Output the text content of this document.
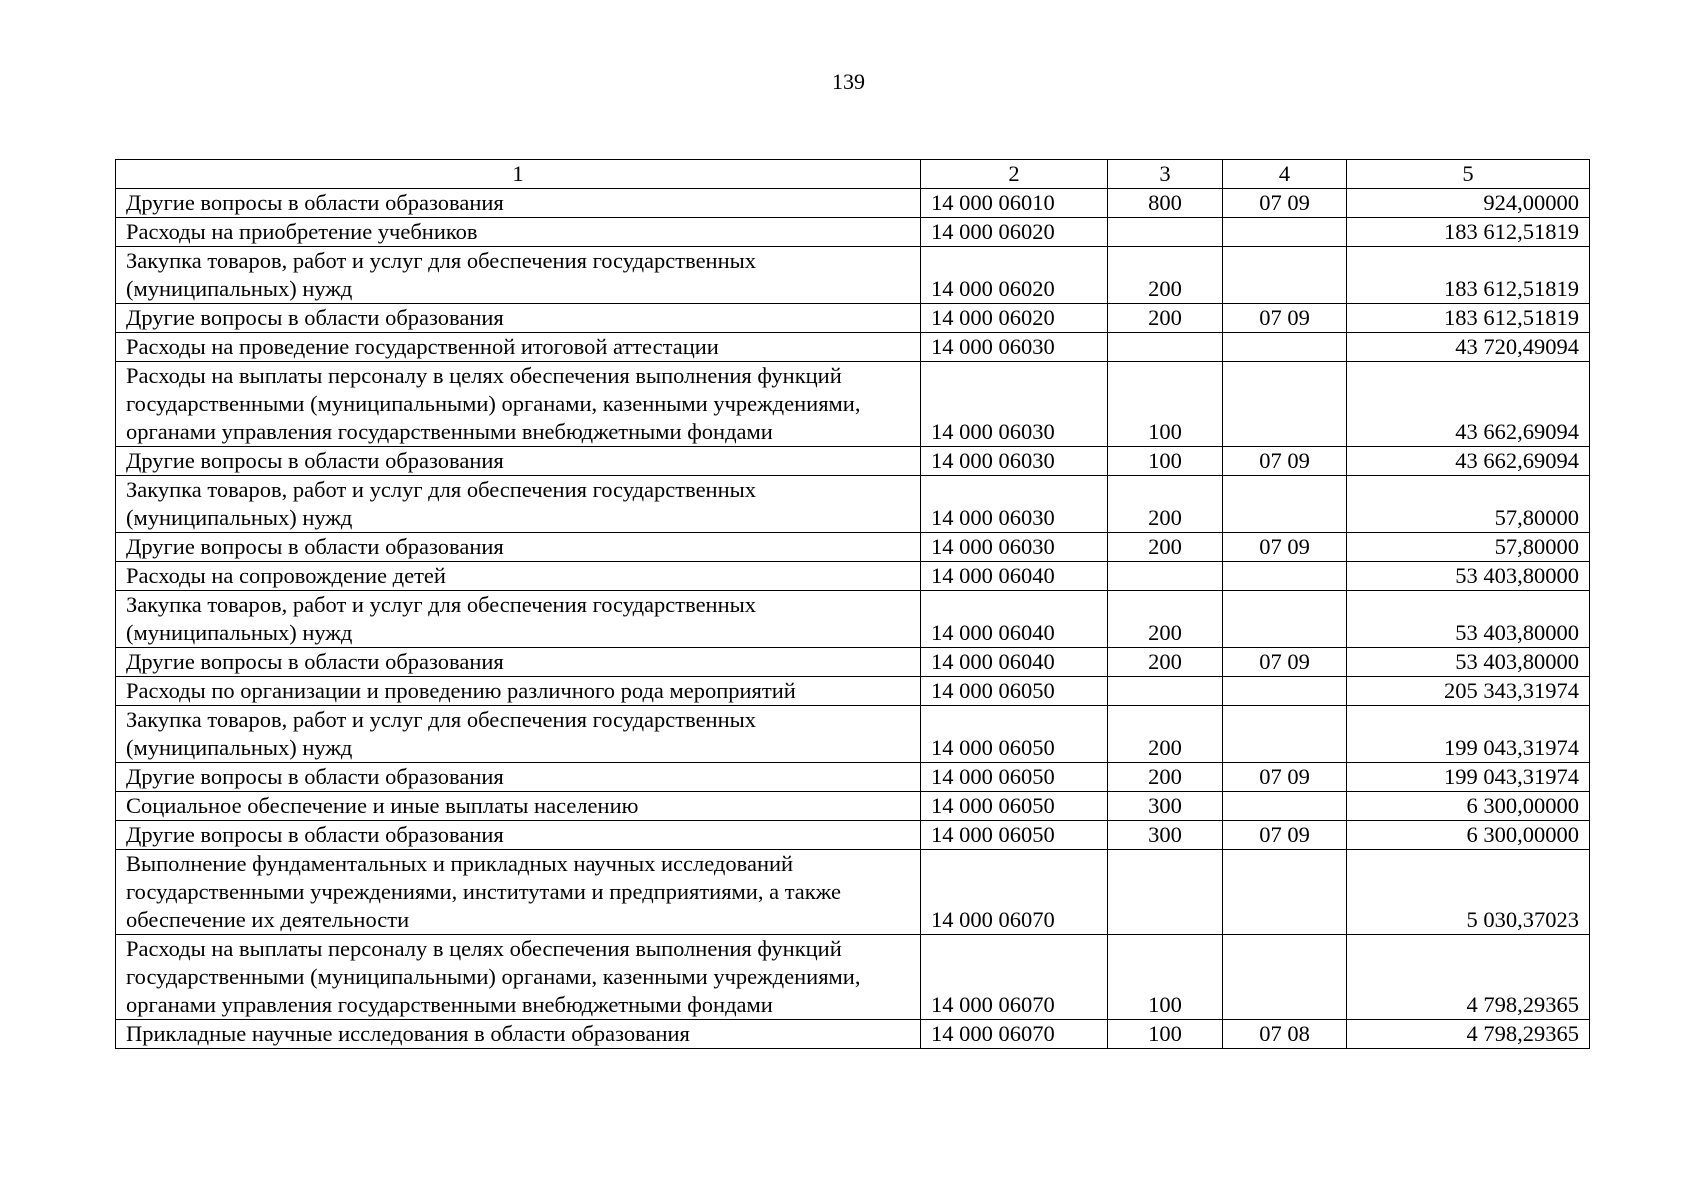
139
1	2	3	4	5
Другие вопросы в области образования	14 000 06010	800	07 09	924,00000
Расходы на приобретение учебников	14 000 06020			183 612,51819
Закупка товаров, работ и услуг для обеспечения государственных (муниципальных) нужд	14 000 06020	200		183 612,51819
Другие вопросы в области образования	14 000 06020	200	07 09	183 612,51819
Расходы на проведение государственной итоговой аттестации	14 000 06030			43 720,49094
Расходы на выплаты персоналу в целях обеспечения выполнения функций государственными (муниципальными) органами, казенными учреждениями, органами управления государственными внебюджетными фондами	14 000 06030	100		43 662,69094
Другие вопросы в области образования	14 000 06030	100	07 09	43 662,69094
Закупка товаров, работ и услуг для обеспечения государственных (муниципальных) нужд	14 000 06030	200		57,80000
Другие вопросы в области образования	14 000 06030	200	07 09	57,80000
Расходы на сопровождение детей	14 000 06040			53 403,80000
Закупка товаров, работ и услуг для обеспечения государственных (муниципальных) нужд	14 000 06040	200		53 403,80000
Другие вопросы в области образования	14 000 06040	200	07 09	53 403,80000
Расходы по организации и проведению различного рода мероприятий	14 000 06050			205 343,31974
Закупка товаров, работ и услуг для обеспечения государственных (муниципальных) нужд	14 000 06050	200		199 043,31974
Другие вопросы в области образования	14 000 06050	200	07 09	199 043,31974
Социальное обеспечение и иные выплаты населению	14 000 06050	300		6 300,00000
Другие вопросы в области образования	14 000 06050	300	07 09	6 300,00000
Выполнение фундаментальных и прикладных научных исследований государственными учреждениями, институтами и предприятиями, а также обеспечение их деятельности	14 000 06070			5 030,37023
Расходы на выплаты персоналу в целях обеспечения выполнения функций государственными (муниципальными) органами, казенными учреждениями, органами управления государственными внебюджетными фондами	14 000 06070	100		4 798,29365
Прикладные научные исследования в области образования	14 000 06070	100	07 08	4 798,29365
